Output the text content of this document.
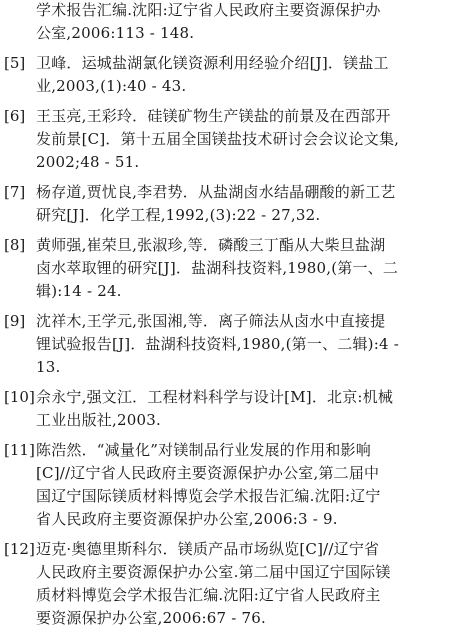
学术报告汇编.沈阳:辽宁省人民政府主要资源保护办
公室,2006:113 - 148.
[5] 卫峰．运城盐湖氯化镁资源利用经验介绍[J]．镁盐工
业,2003,(1):40 - 43.
[6] 王玉亮,王彩玲．硅镁矿物生产镁盐的前景及在西部开
发前景[C]．第十五届全国镁盐技术研讨会会议论文集,
2002;48 - 51.
[7] 杨存道,贾忧良,李君势．从盐湖卤水结晶硼酸的新工艺
研究[J]．化学工程,1992,(3):22 - 27,32.
[8] 黄师强,崔荣旦,张淑珍,等．磷酸三丁酯从大柴旦盐湖
卤水萃取锂的研究[J]．盐湖科技资料,1980,(第一、二
辑):14 - 24.
[9] 沈祥木,王学元,张国湘,等．离子筛法从卤水中直接提
锂试验报告[J]．盐湖科技资料,1980,(第一、二辑):4 -
13.
[10] 佘永宁,强文江．工程材料科学与设计[M]．北京:机械
工业出版社,2003.
[11] 陈浩然．“减量化”对镁制品行业发展的作用和影响
[C]//辽宁省人民政府主要资源保护办公室,第二届中
国辽宁国际镁质材料博览会学术报告汇编.沈阳:辽宁
省人民政府主要资源保护办公室,2006:3 - 9.
[12] 迈克·奥德里斯科尔．镁质产品市场纵览[C]//辽宁省
人民政府主要资源保护办公室.第二届中国辽宁国际镁
质材料博览会学术报告汇编.沈阳:辽宁省人民政府主
要资源保护办公室,2006:67 - 76.
